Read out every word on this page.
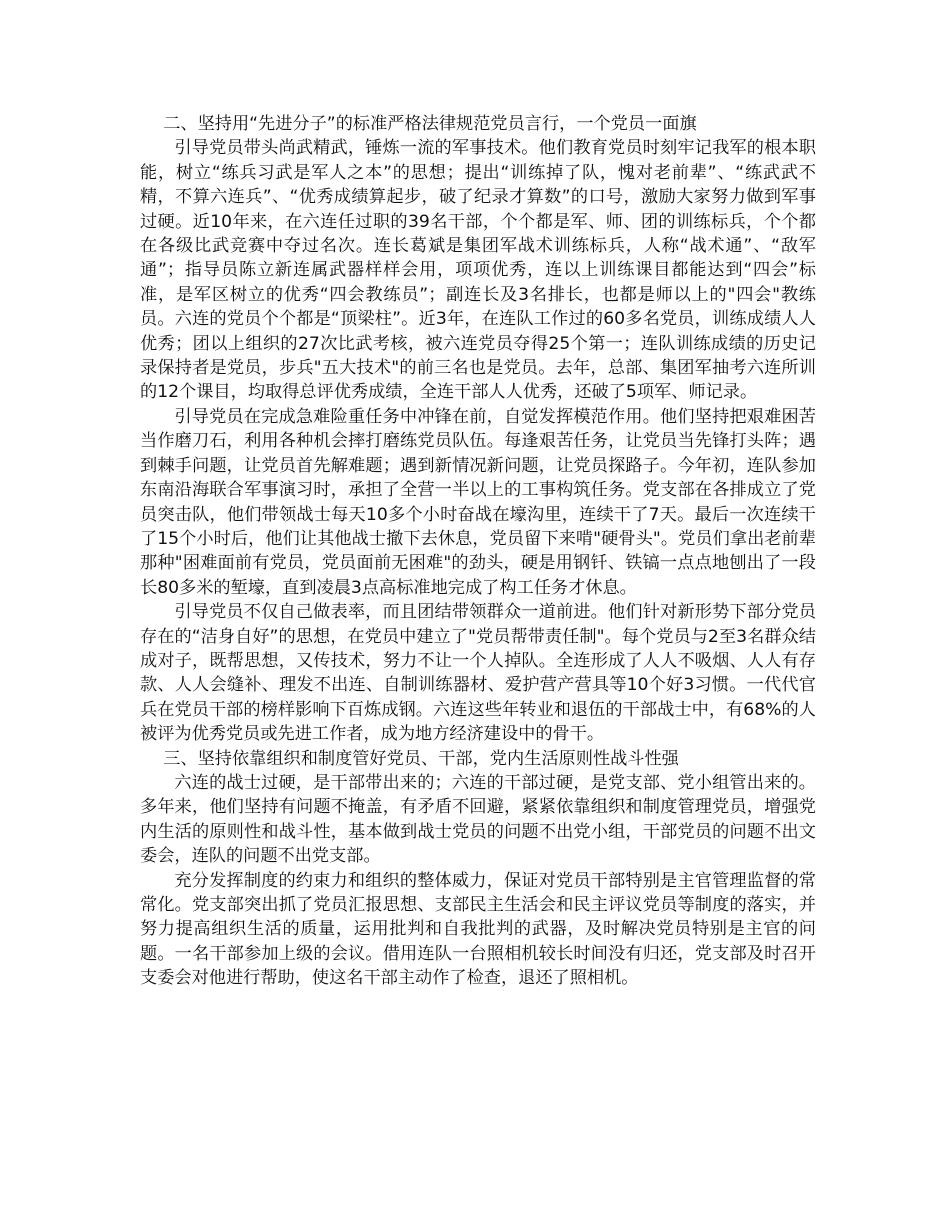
二、坚持用“先进分子”的标准严格法律规范党员言行，一个党员一面旗

引导党员带头尚武精武，锤炼一流的军事技术。他们教育党员时刻牢记我军的根本职能，树立“练兵习武是军人之本”的思想；提出“训练掉了队，愧对老前辈”、“练武武不精，不算六连兵”、“优秀成绩算起步，破了纪录才算数”的口号，激励大家努力做到军事过硬。近10年来，在六连任过职的39名干部，个个都是军、师、团的训练标兵，个个都在各级比武竞赛中夺过名次。连长葛斌是集团军战术训练标兵，人称“战术通”、“敌军通”；指导员陈立新连属武器样样会用，项项优秀，连以上训练课目都能达到“四会”标准，是军区树立的优秀“四会教练员”；副连长及3名排长，也都是师以上的"四会"教练员。六连的党员个个都是“顶梁柱”。近3年，在连队工作过的60多名党员，训练成绩人人优秀；团以上组织的27次比武考核，被六连党员夺得25个第一；连队训练成绩的历史记录保持者是党员，步兵"五大技术"的前三名也是党员。去年，总部、集团军抽考六连所训的12个课目，均取得总评优秀成绩，全连干部人人优秀，还破了5项军、师记录。

引导党员在完成急难险重任务中冲锋在前，自觉发挥模范作用。他们坚持把艰难困苦当作磨刀石，利用各种机会摔打磨练党员队伍。每逢艰苦任务，让党员当先锋打头阵；遇到棘手问题，让党员首先解难题；遇到新情况新问题，让党员探路子。今年初，连队参加东南沿海联合军事演习时，承担了全营一半以上的工事构筑任务。党支部在各排成立了党员突击队，他们带领战士每天10多个小时奋战在壕沟里，连续干了7天。最后一次连续干了15个小时后，他们让其他战士撤下去休息，党员留下来啃"硬骨头"。党员们拿出老前辈那种"困难面前有党员，党员面前无困难"的劲头，硬是用钢钎、铁镐一点点地刨出了一段长80多米的堑壕，直到凌晨3点高标准地完成了构工任务才休息。

引导党员不仅自己做表率，而且团结带领群众一道前进。他们针对新形势下部分党员存在的“洁身自好”的思想，在党员中建立了"党员帮带责任制"。每个党员与2至3名群众结成对子，既帮思想，又传技术，努力不让一个人掉队。全连形成了人人不吸烟、人人有存款、人人会缝补、理发不出连、自制训练器材、爱护营产营具等10个好3习惯。一代代官兵在党员干部的榜样影响下百炼成钢。六连这些年转业和退伍的干部战士中，有68%的人被评为优秀党员或先进工作者，成为地方经济建设中的骨干。

三、坚持依靠组织和制度管好党员、干部，党内生活原则性战斗性强

六连的战士过硬，是干部带出来的；六连的干部过硬，是党支部、党小组管出来的。多年来，他们坚持有问题不掩盖，有矛盾不回避，紧紧依靠组织和制度管理党员，增强党内生活的原则性和战斗性，基本做到战士党员的问题不出党小组，干部党员的问题不出文委会，连队的问题不出党支部。

充分发挥制度的约束力和组织的整体威力，保证对党员干部特别是主官管理监督的常常化。党支部突出抓了党员汇报思想、支部民主生活会和民主评议党员等制度的落实，并努力提高组织生活的质量，运用批判和自我批判的武器，及时解决党员特别是主官的问题。一名干部参加上级的会议。借用连队一台照相机较长时间没有归还，党支部及时召开支委会对他进行帮助，使这名干部主动作了检查，退还了照相机。
